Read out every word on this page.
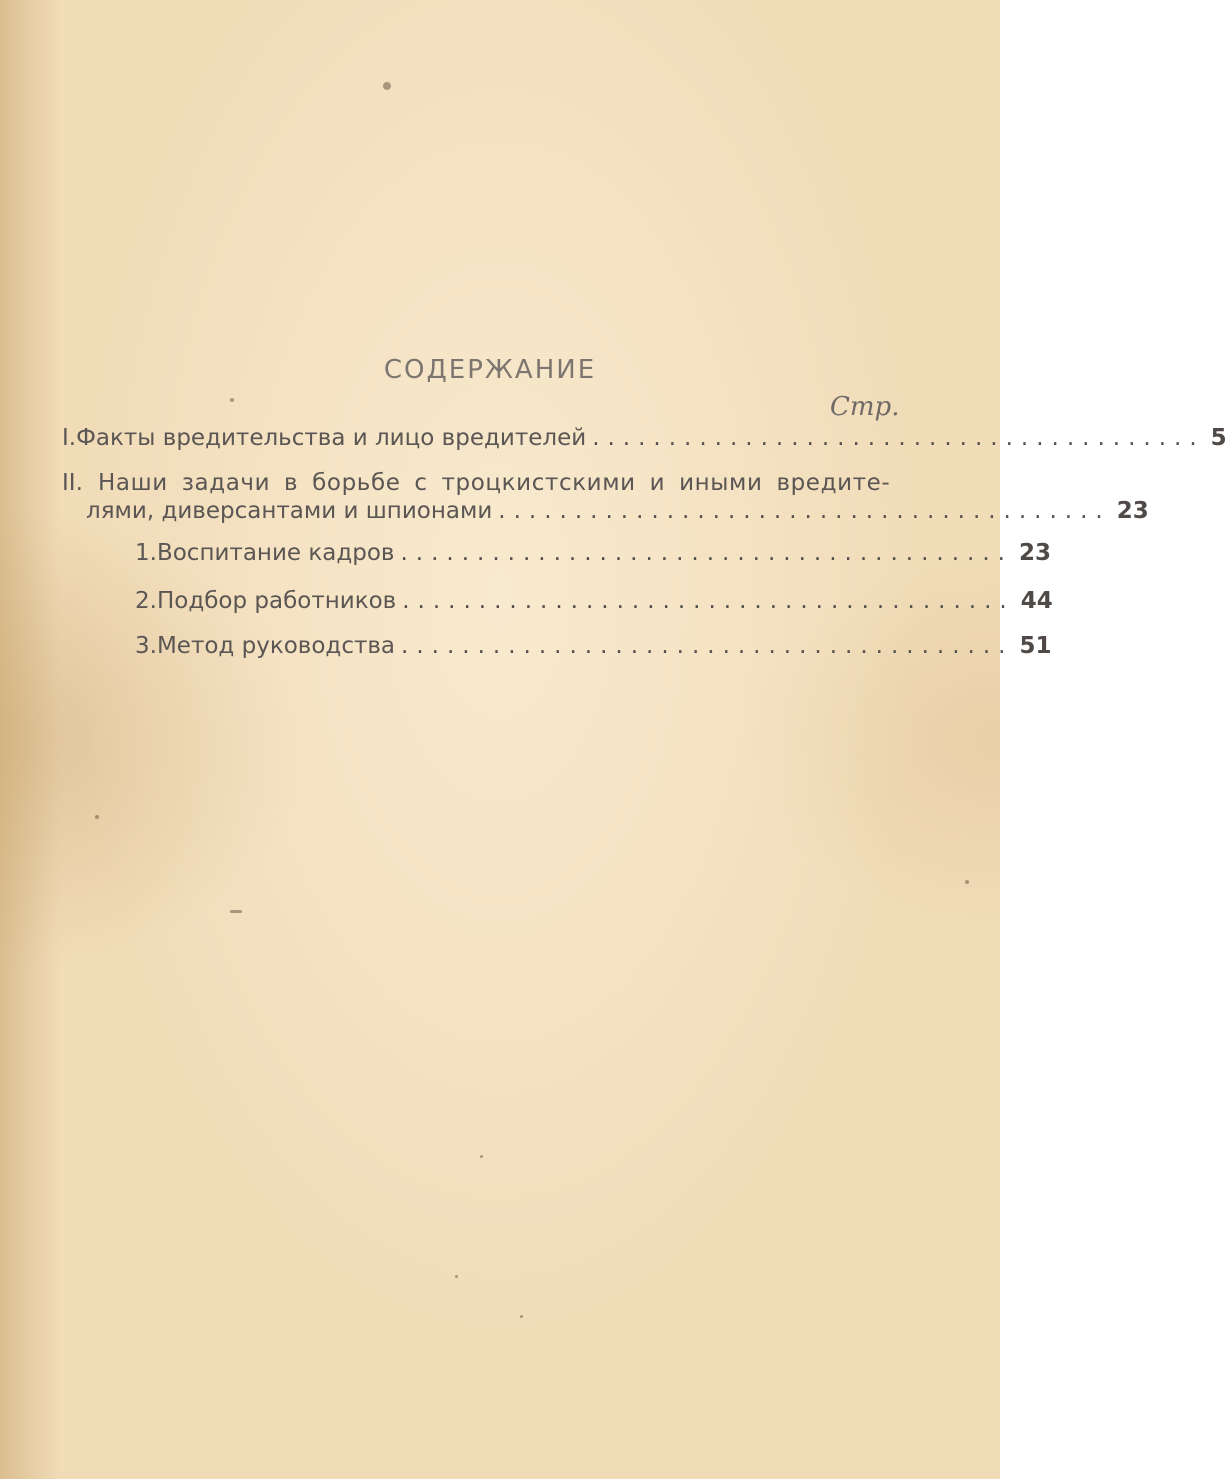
СОДЕРЖАНИЕ
Стр.
I. Факты вредительства и лицо вредителей ........................................ 5
II. Наши задачи в борьбе с троцкистскими и иными вредите-
лями, диверсантами и шпионами ........................................ 23
1. Воспитание кадров ........................................ 23
2. Подбор работников ........................................ 44
3. Метод руководства ........................................ 51
